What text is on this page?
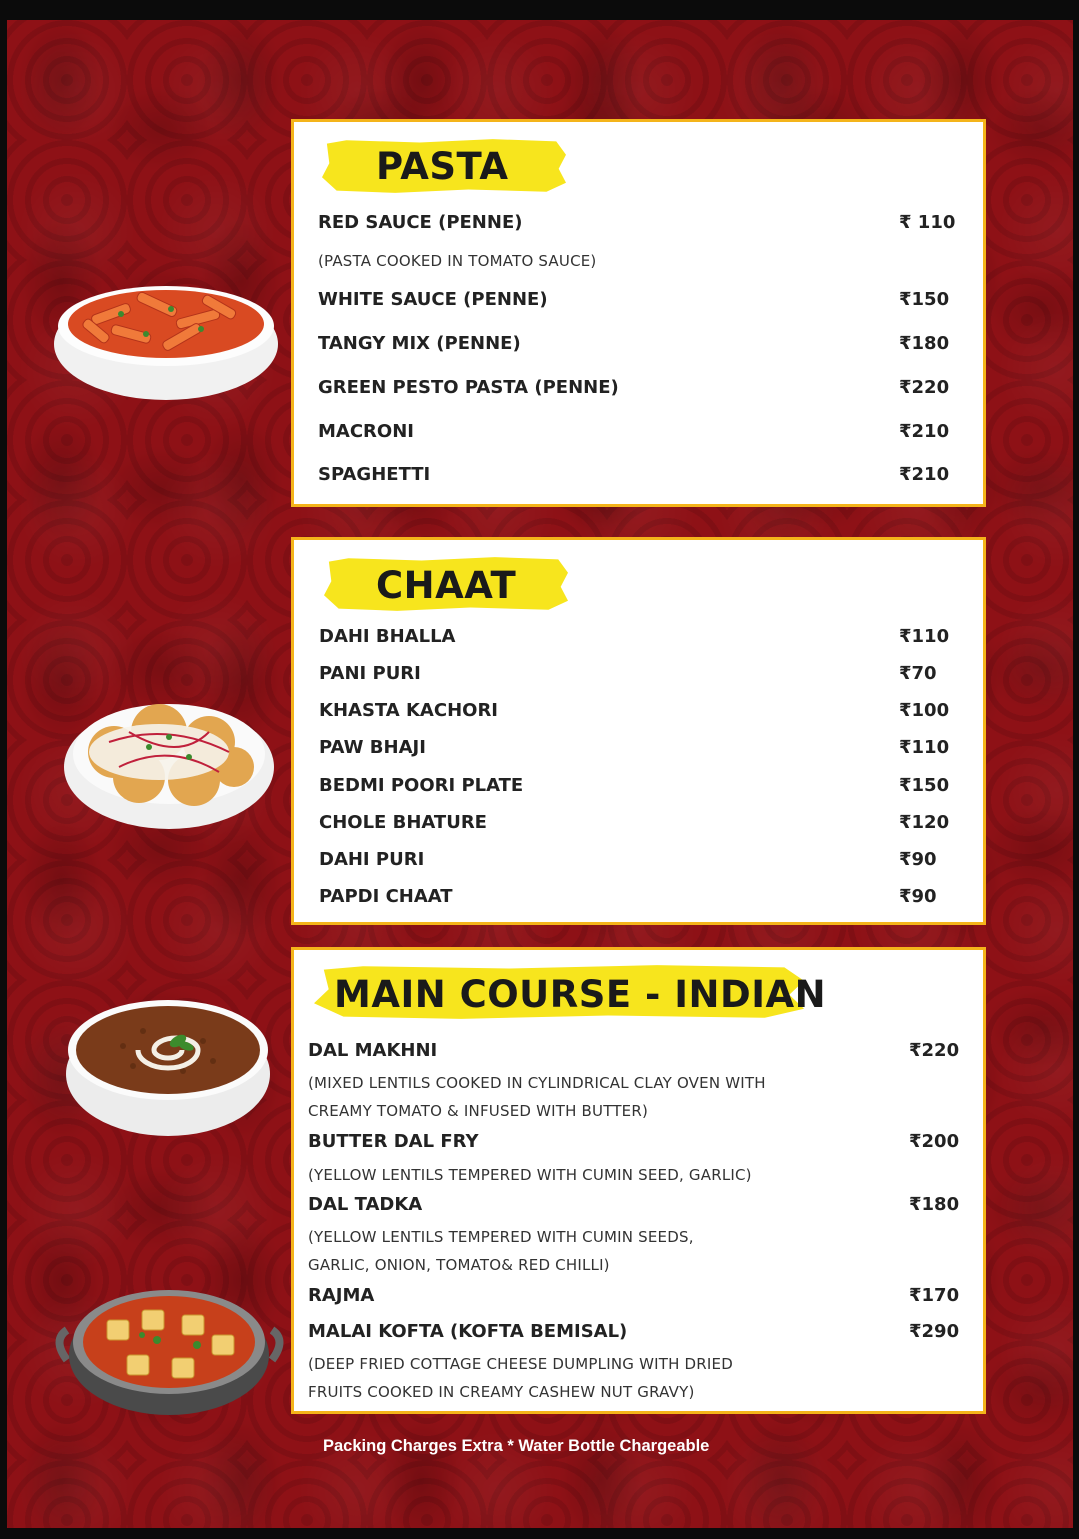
PASTA
RED SAUCE (PENNE)	₹ 110
(PASTA COOKED IN TOMATO SAUCE)
WHITE SAUCE (PENNE)	₹150
TANGY MIX (PENNE)	₹180
GREEN PESTO PASTA (PENNE)	₹220
MACRONI	₹210
SPAGHETTI	₹210
CHAAT
DAHI BHALLA	₹110
PANI PURI	₹70
KHASTA KACHORI	₹100
PAW BHAJI	₹110
BEDMI POORI PLATE	₹150
CHOLE BHATURE	₹120
DAHI PURI	₹90
PAPDI CHAAT	₹90
MAIN COURSE - INDIAN
DAL MAKHNI	₹220
(MIXED LENTILS COOKED IN CYLINDRICAL CLAY OVEN WITH
CREAMY TOMATO & INFUSED WITH BUTTER)
BUTTER DAL FRY	₹200
(YELLOW LENTILS TEMPERED WITH CUMIN SEED, GARLIC)
DAL TADKA	₹180
(YELLOW LENTILS TEMPERED WITH CUMIN SEEDS,
GARLIC, ONION, TOMATO& RED CHILLI)
RAJMA	₹170
MALAI KOFTA (KOFTA BEMISAL)	₹290
(DEEP FRIED COTTAGE CHEESE DUMPLING WITH DRIED
FRUITS COOKED IN CREAMY CASHEW NUT GRAVY)
Packing Charges Extra * Water Bottle Chargeable
